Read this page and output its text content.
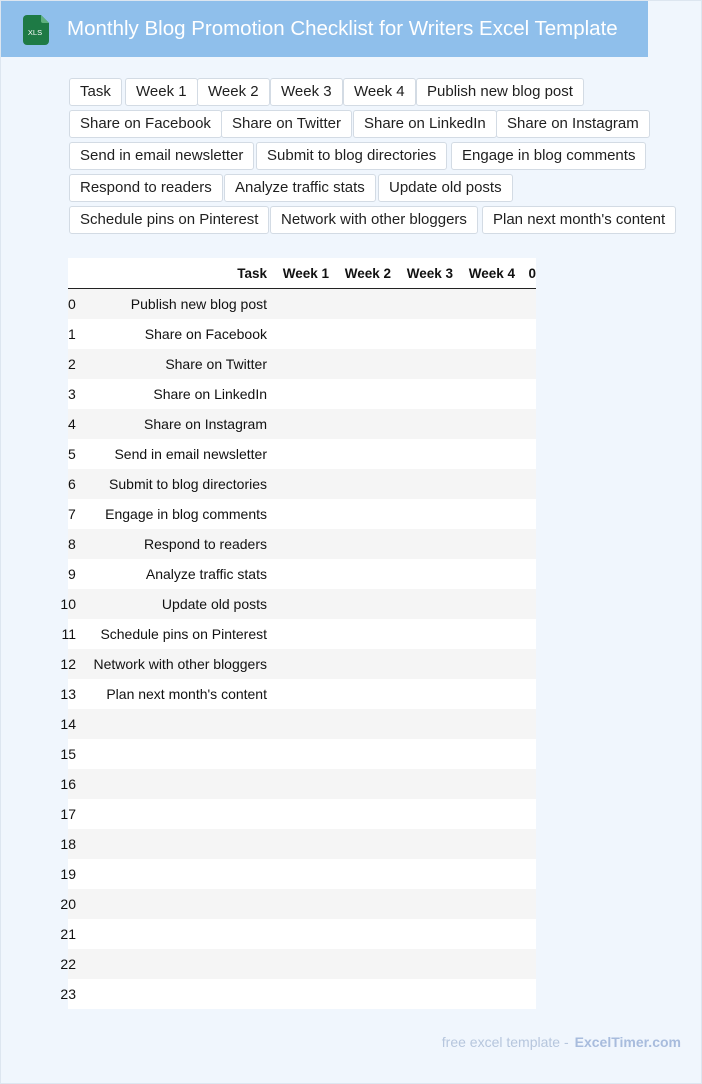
XLS Monthly Blog Promotion Checklist for Writers Excel Template
Task	Week 1	Week 2	Week 3	Week 4	Publish new blog post
Share on Facebook	Share on Twitter	Share on LinkedIn	Share on Instagram
Send in email newsletter	Submit to blog directories	Engage in blog comments
Respond to readers	Analyze traffic stats	Update old posts
Schedule pins on Pinterest	Network with other bloggers	Plan next month's content
	Task	Week 1	Week 2	Week 3	Week 4	0
0	Publish new blog post					
1	Share on Facebook					
2	Share on Twitter					
3	Share on LinkedIn					
4	Share on Instagram					
5	Send in email newsletter					
6	Submit to blog directories					
7	Engage in blog comments					
8	Respond to readers					
9	Analyze traffic stats					
10	Update old posts					
11	Schedule pins on Pinterest					
12	Network with other bloggers					
13	Plan next month's content					
14						
15						
16						
17						
18						
19						
20						
21						
22						
23						
free excel template - ExcelTimer.com
